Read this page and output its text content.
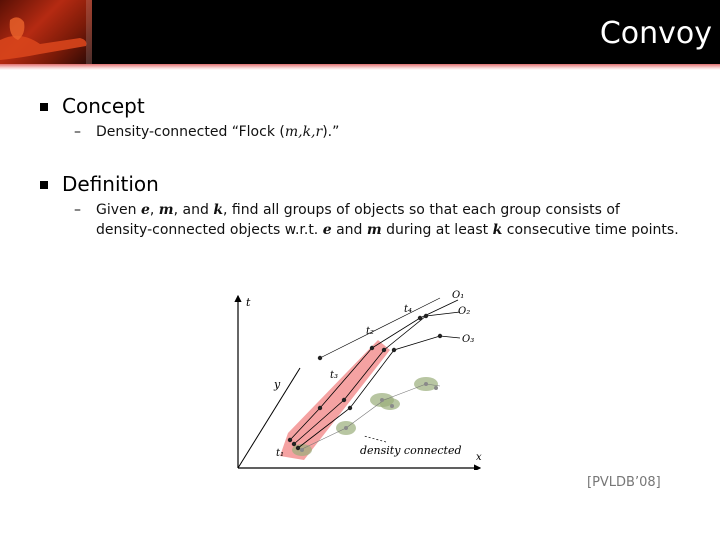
Convoy
Concept
– Density-connected “Flock (m,k,r).”
Definition
– Given e, m, and k, find all groups of objects so that each group consists of
density-connected objects w.r.t. e and m during at least k consecutive time points.
t
y
x
t₁
t₃
t₂
t₄
O₁
O₂
O₃
density connected
[PVLDB’08]
